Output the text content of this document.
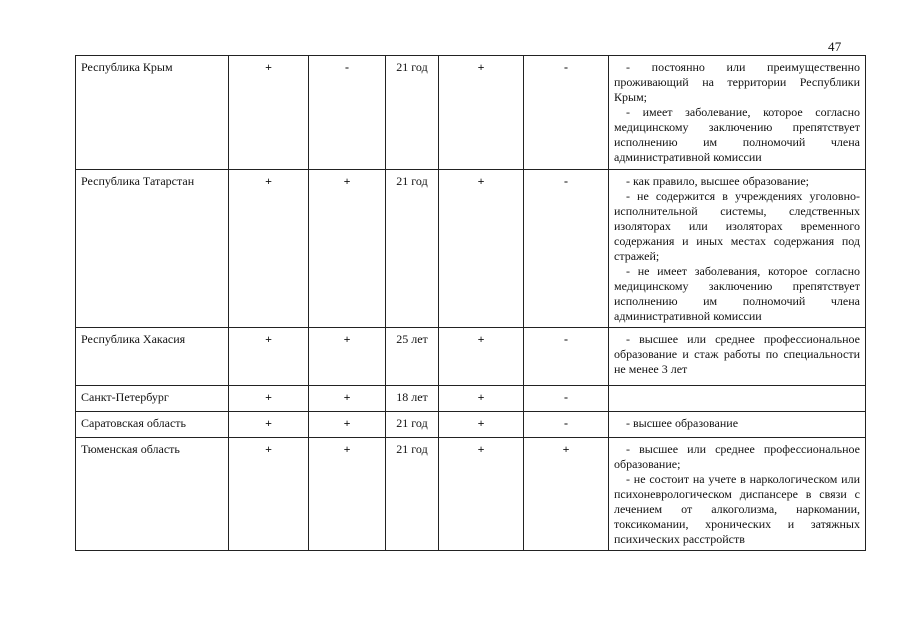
47
Республика Крым	+	-	21 год	+	-	- постоянно или преимущественно проживающий на территории Республики Крым;
- имеет заболевание, которое согласно медицинскому заключению препятствует исполнению им полномочий члена административной комиссии

Республика Татарстан	+	+	21 год	+	-	- как правило, высшее образование;
- не содержится в учреждениях уголовно-исполнительной системы, следственных изоляторах или изоляторах временного содержания и иных местах содержания под стражей;
- не имеет заболевания, которое согласно медицинскому заключению препятствует исполнению им полномочий члена административной комиссии

Республика Хакасия	+	+	25 лет	+	-	- высшее или среднее профессиональное образование и стаж работы по специальности не менее 3 лет

Санкт-Петербург	+	+	18 лет	+	-	
Саратовская область	+	+	21 год	+	-	- высшее образование

Тюменская область	+	+	21 год	+	+	- высшее или среднее профессиональное образование;
- не состоит на учете в наркологическом или психоневрологическом диспансере в связи с лечением от алкоголизма, наркомании, токсикомании, хронических и затяжных психических расстройств
